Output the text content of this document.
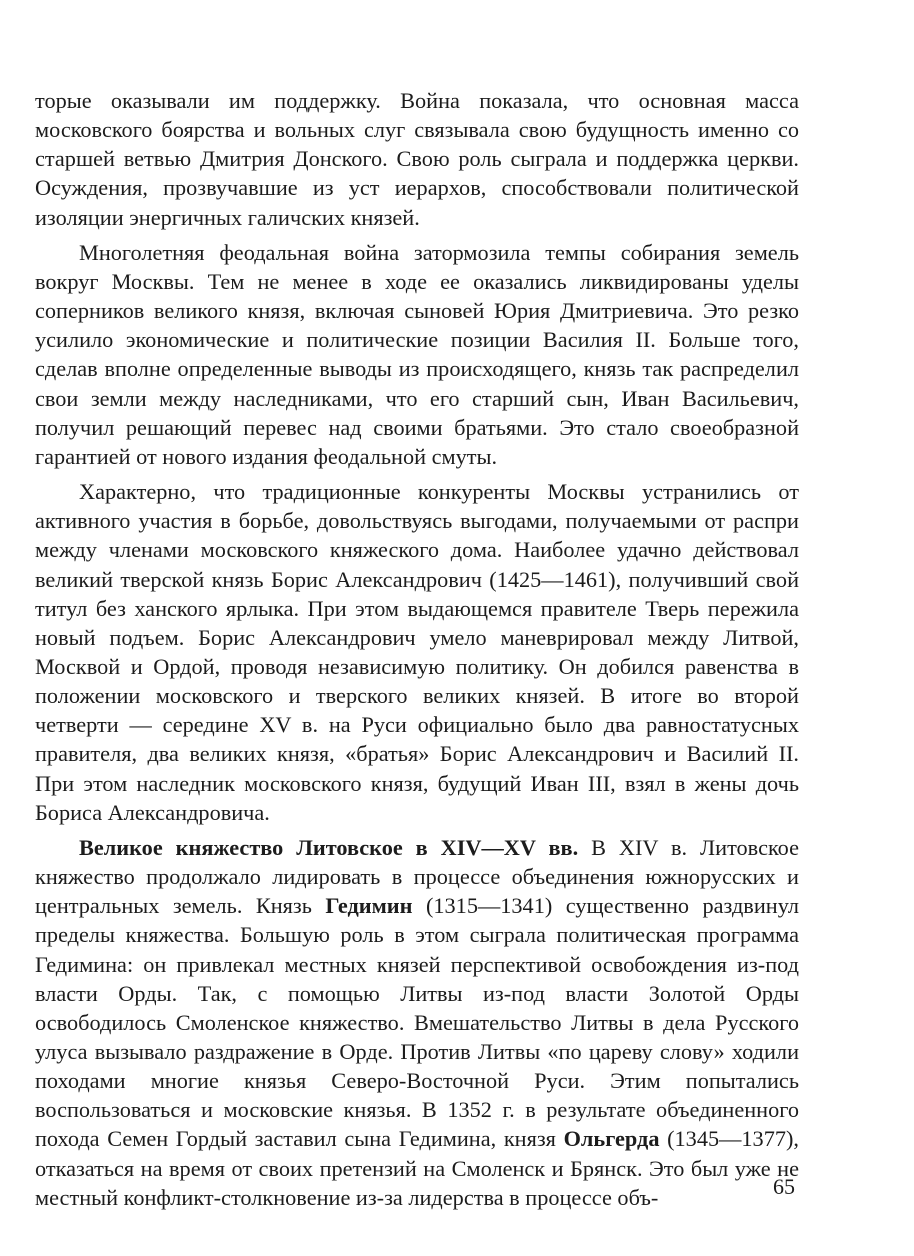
торые оказывали им поддержку. Война показала, что основная масса московского боярства и вольных слуг связывала свою будущность именно со старшей ветвью Дмитрия Донского. Свою роль сыграла и поддержка церкви. Осуждения, прозвучавшие из уст иерархов, способствовали политической изоляции энергичных галичских князей.

Многолетняя феодальная война затормозила темпы собирания земель вокруг Москвы. Тем не менее в ходе ее оказались ликвидированы уделы соперников великого князя, включая сыновей Юрия Дмитриевича. Это резко усилило экономические и политические позиции Василия II. Больше того, сделав вполне определенные выводы из происходящего, князь так распределил свои земли между наследниками, что его старший сын, Иван Васильевич, получил решающий перевес над своими братьями. Это стало своеобразной гарантией от нового издания феодальной смуты.

Характерно, что традиционные конкуренты Москвы устранились от активного участия в борьбе, довольствуясь выгодами, получаемыми от распри между членами московского княжеского дома. Наиболее удачно действовал великий тверской князь Борис Александрович (1425—1461), получивший свой титул без ханского ярлыка. При этом выдающемся правителе Тверь пережила новый подъем. Борис Александрович умело маневрировал между Литвой, Москвой и Ордой, проводя независимую политику. Он добился равенства в положении московского и тверского великих князей. В итоге во второй четверти — середине XV в. на Руси официально было два равностатусных правителя, два великих князя, «братья» Борис Александрович и Василий II. При этом наследник московского князя, будущий Иван III, взял в жены дочь Бориса Александровича.

Великое княжество Литовское в XIV—XV вв. В XIV в. Литовское княжество продолжало лидировать в процессе объединения южнорусских и центральных земель. Князь Гедимин (1315—1341) существенно раздвинул пределы княжества. Большую роль в этом сыграла политическая программа Гедимина: он привлекал местных князей перспективой освобождения из-под власти Орды. Так, с помощью Литвы из-под власти Золотой Орды освободилось Смоленское княжество. Вмешательство Литвы в дела Русского улуса вызывало раздражение в Орде. Против Литвы «по цареву слову» ходили походами многие князья Северо-Восточной Руси. Этим попытались воспользоваться и московские князья. В 1352 г. в результате объединенного похода Семен Гордый заставил сына Гедимина, князя Ольгерда (1345—1377), отказаться на время от своих претензий на Смоленск и Брянск. Это был уже не местный конфликт-столкновение из-за лидерства в процессе объ-	65
